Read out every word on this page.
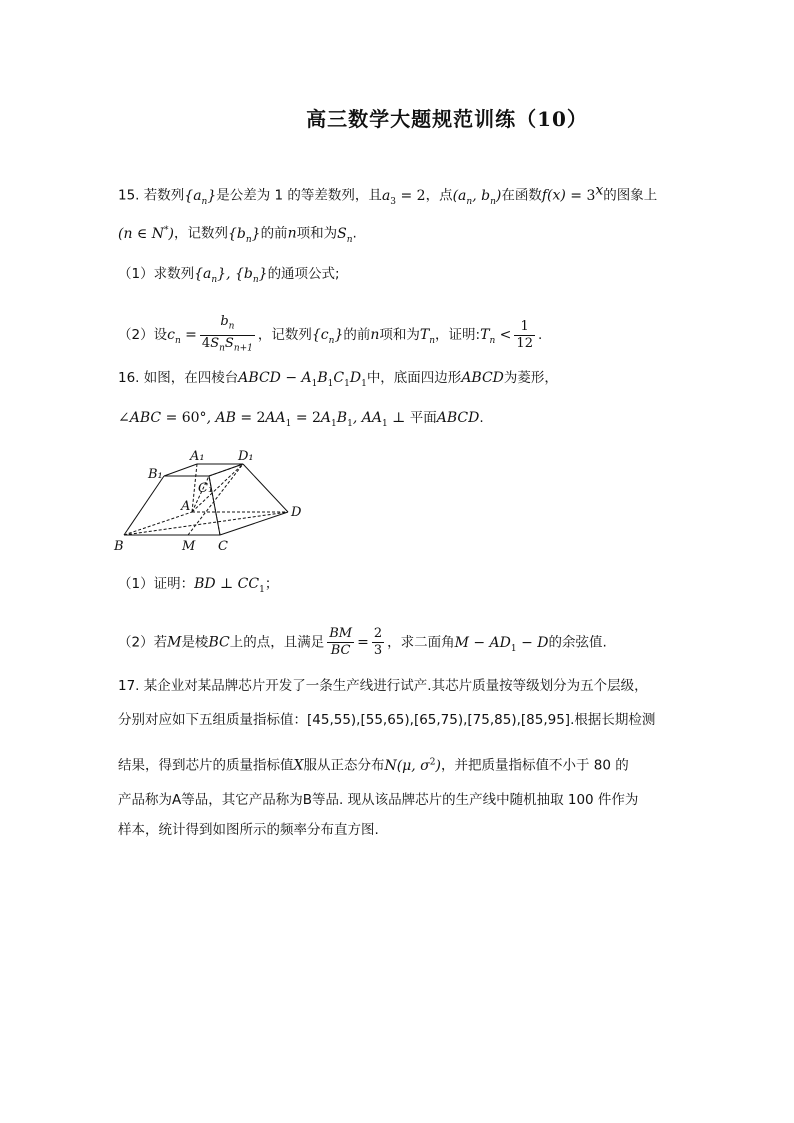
高三数学大题规范训练（10）
15. 若数列$\{a_n\}$是公差为 1 的等差数列，且$a_3 = 2$，点($a_n$, $b_n$)在函数$f(x) = 3^x$的图象上
(n ∈ N*)，记数列$\{b_n\}$的前n项和为$S_n$.
（1）求数列$\{a_n\}$, $\{b_n\}$的通项公式;
（2）设$c_n = \frac{b_n}{4S_nS_{n+1}}$ ，记数列$\{c_n\}$的前n项和为$T_n$，证明$:T_n < \frac{1}{12}$ .
16. 如图，在四棱台ABCD − $A_1B_1C_1D_1$中，底面四边形ABCD为菱形，
∠ABC = 60°, AB = $2AA_1 = 2A_1B_1$, $AA_1$ ⊥ 平面ABCD.
A₁	D₁
B₁
C₁
A
B	C
D
M
（1）证明：BD ⊥ $CC_1$；
（2）若M是棱BC上的点，且满足 $\frac{BM}{BC} = \frac{2}{3}$ ，求二面角$M - AD_1 - D$的余弦值.
17. 某企业对某品牌芯片开发了一条生产线进行试产.其芯片质量按等级划分为五个层级，
分别对应如下五组质量指标值：[45,55),[55,65),[65,75),[75,85),[85,95].根据长期检测
结果，得到芯片的质量指标值X服从正态分布N(μ, $\sigma^2$)，并把质量指标值不小于 80 的
产品称为A等品，其它产品称为B等品. 现从该品牌芯片的生产线中随机抽取 100 件作为
样本，统计得到如图所示的频率分布直方图.
